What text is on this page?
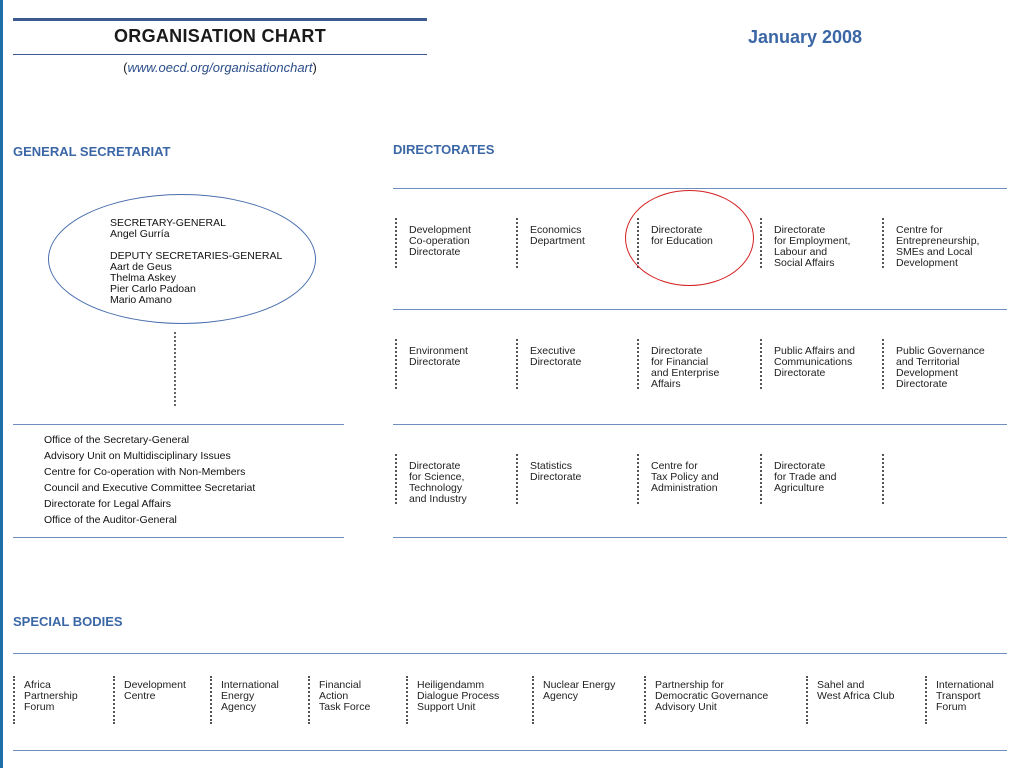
ORGANISATION CHART
(www.oecd.org/organisationchart)
January 2008
GENERAL SECRETARIAT
SECRETARY-GENERAL
Angel Gurría

DEPUTY SECRETARIES-GENERAL
Aart de Geus
Thelma Askey
Pier Carlo Padoan
Mario Amano
Office of the Secretary-General
Advisory Unit on Multidisciplinary Issues
Centre for Co-operation with Non-Members
Council and Executive Committee Secretariat
Directorate for Legal Affairs
Office of the Auditor-General
DIRECTORATES
Development
Co-operation
Directorate
Economics
Department
Directorate
for Education
Directorate
for Employment,
Labour and
Social Affairs
Centre for
Entrepreneurship,
SMEs and Local
Development
Environment
Directorate
Executive
Directorate
Directorate
for Financial
and Enterprise
Affairs
Public Affairs and
Communications
Directorate
Public Governance
and Territorial
Development
Directorate
Directorate
for Science,
Technology
and Industry
Statistics
Directorate
Centre for
Tax Policy and
Administration
Directorate
for Trade and
Agriculture
SPECIAL BODIES
Africa
Partnership
Forum
Development
Centre
International
Energy
Agency
Financial
Action
Task Force
Heiligendamm
Dialogue Process
Support Unit
Nuclear Energy
Agency
Partnership for
Democratic Governance
Advisory Unit
Sahel and
West Africa Club
International
Transport
Forum
